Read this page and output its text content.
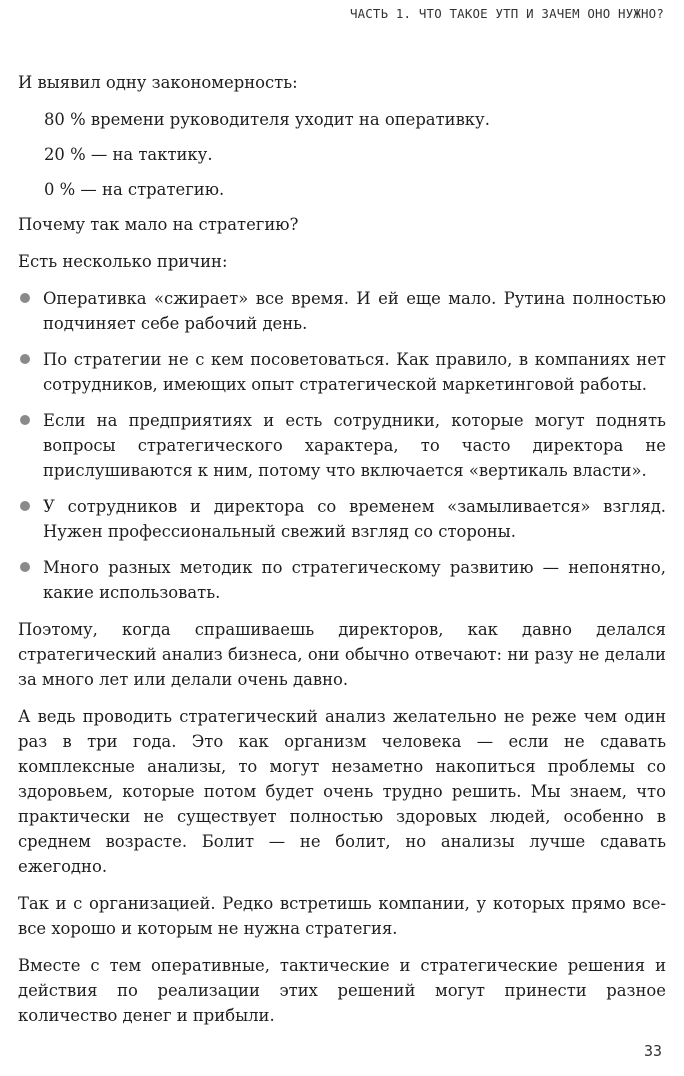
ЧАСТЬ 1. ЧТО ТАКОЕ УТП И ЗАЧЕМ ОНО НУЖНО?

И выявил одну закономерность:

80 % времени руководителя уходит на оперативку.

20 % — на тактику.

0 % — на стратегию.

Почему так мало на стратегию?

Есть несколько причин:

Оперативка «сжирает» все время. И ей еще мало. Рутина полностью подчиняет себе рабочий день.
По стратегии не с кем посоветоваться. Как правило, в компаниях нет сотрудников, имеющих опыт стратегической маркетинговой работы.
Если на предприятиях и есть сотрудники, которые могут поднять вопросы стратегического характера, то часто директора не прислушиваются к ним, потому что включается «вертикаль власти».
У сотрудников и директора со временем «замыливается» взгляд. Нужен профессиональный свежий взгляд со стороны.
Много разных методик по стратегическому развитию — непонятно, какие использовать.

Поэтому, когда спрашиваешь директоров, как давно делался стратегический анализ бизнеса, они обычно отвечают: ни разу не делали за много лет или делали очень давно.

А ведь проводить стратегический анализ желательно не реже чем один раз в три года. Это как организм человека — если не сдавать комплексные анализы, то могут незаметно накопиться проблемы со здоровьем, которые потом будет очень трудно решить. Мы знаем, что практически не существует полностью здоровых людей, особенно в среднем возрасте. Болит — не болит, но анализы лучше сдавать ежегодно.

Так и с организацией. Редко встретишь компании, у которых прямо все-все хорошо и которым не нужна стратегия.

Вместе с тем оперативные, тактические и стратегические решения и действия по реализации этих решений могут принести разное количество денег и прибыли.

33
